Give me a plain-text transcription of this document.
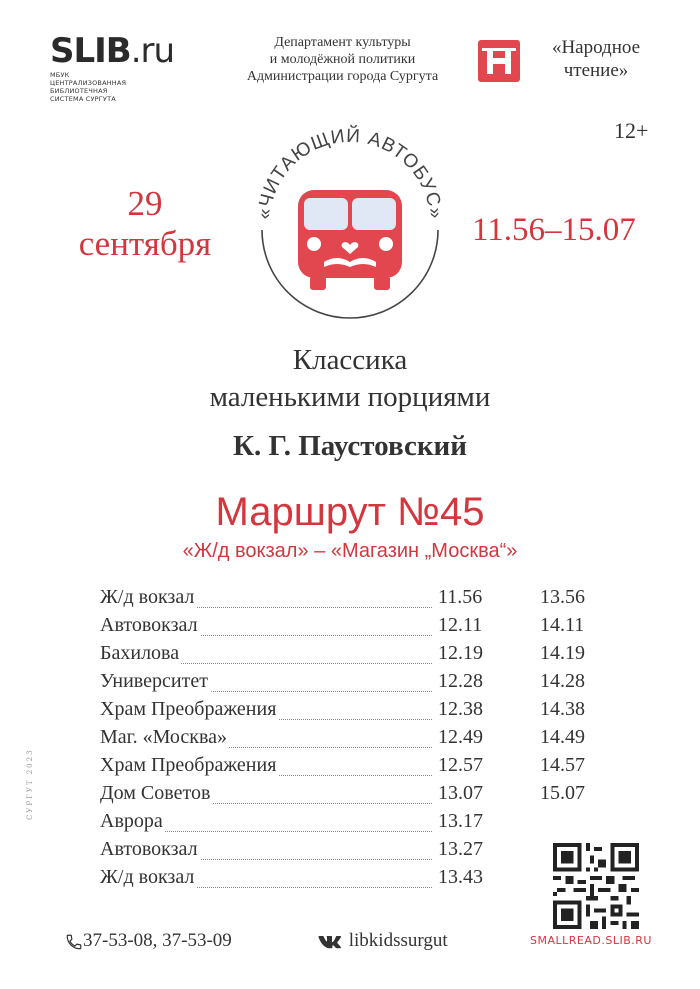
SLIB.ru
МБУК
ЦЕНТРАЛИЗОВАННАЯ БИБЛИОТЕЧНАЯ
СИСТЕМА СУРГУТА
Департамент культуры
и молодёжной политики
Администрации города Сургута
«Народное
чтение»
12+
29
сентября	11.56–15.07
«ЧИТАЮЩИЙ АВТОБУС»
Классика
маленькими порциями
К. Г. Паустовский
Маршрут №45
«Ж/д вокзал» – «Магазин „Москва“»
Ж/д вокзал	11.56	13.56
Автовокзал	12.11	14.11
Бахилова	12.19	14.19
Университет	12.28	14.28
Храм Преображения	12.38	14.38
Маг. «Москва»	12.49	14.49
Храм Преображения	12.57	14.57
Дом Советов	13.07	15.07
Аврора	13.17
Автовокзал	13.27
Ж/д вокзал	13.43
СУРГУТ 2023
SMALLREAD.SLIB.RU
37-53-08, 37-53-09	libkidssurgut
